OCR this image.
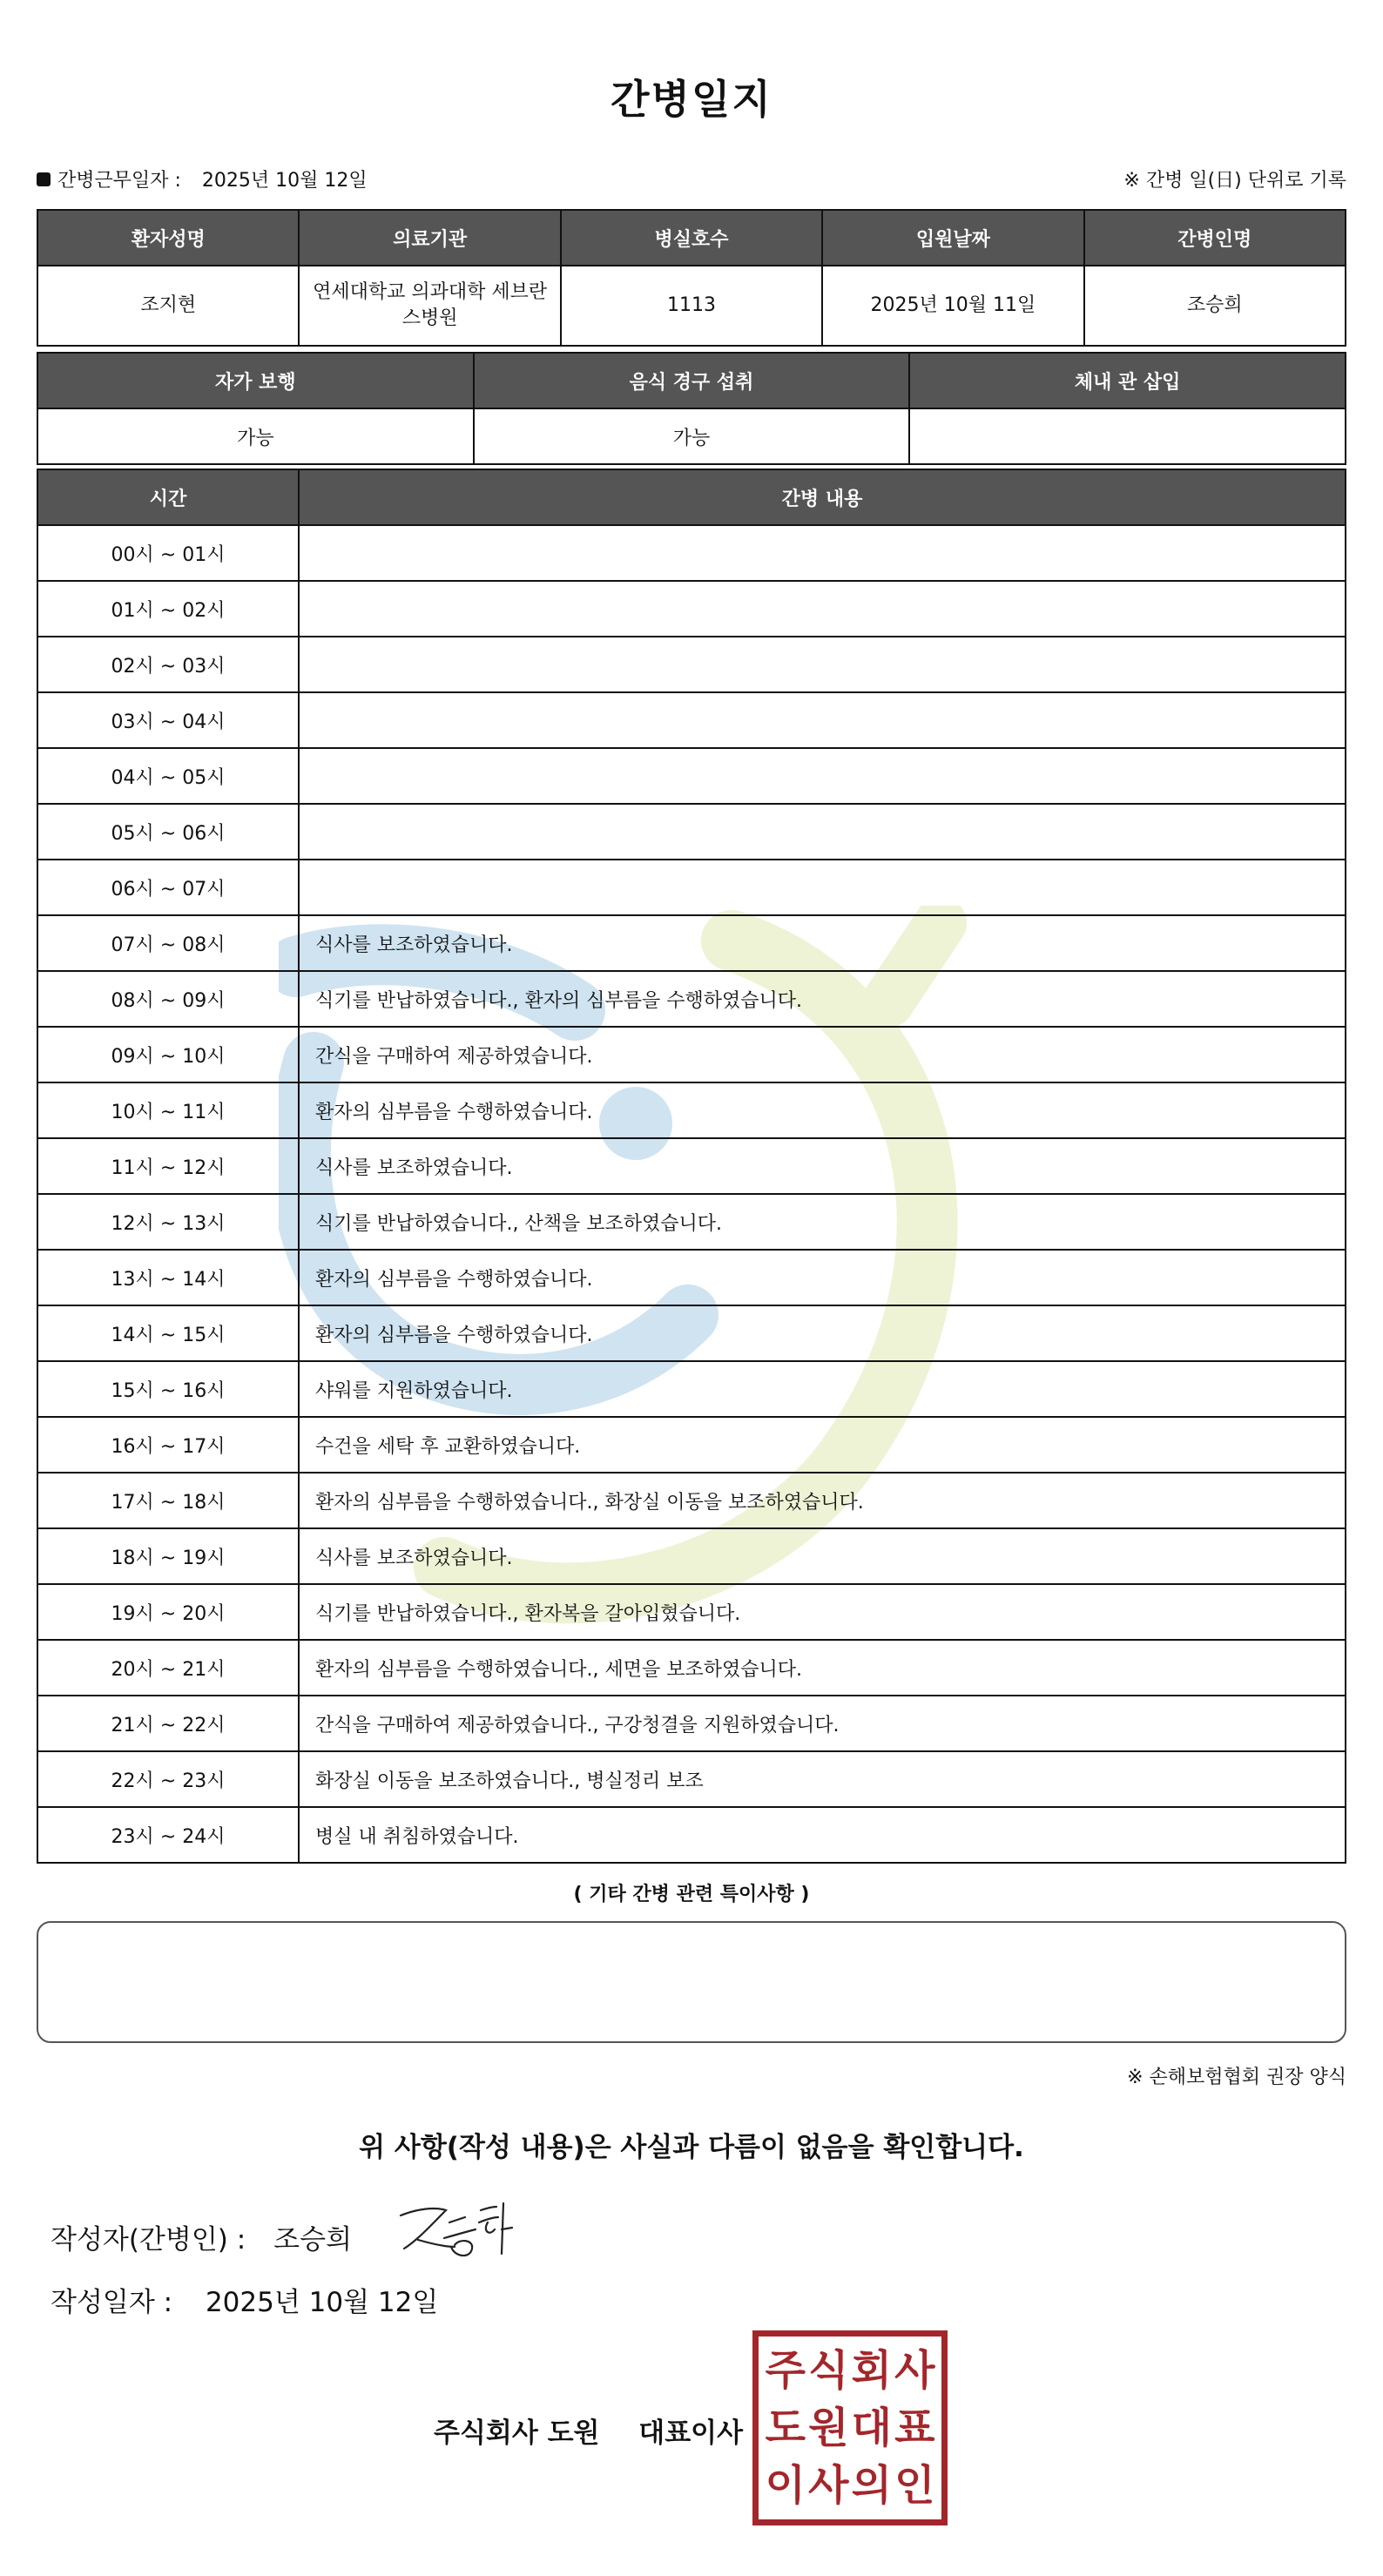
간병일지
간병근무일자 : 2025년 10월 12일	※ 간병 일(日) 단위로 기록
환자성명	의료기관	병실호수	입원날짜	간병인명
조지현	연세대학교 의과대학 세브란스병원	1113	2025년 10월 11일	조승희
자가 보행	음식 경구 섭취	체내 관 삽입
가능	가능	
시간	간병 내용
00시 ~ 01시	
01시 ~ 02시	
02시 ~ 03시	
03시 ~ 04시	
04시 ~ 05시	
05시 ~ 06시	
06시 ~ 07시	
07시 ~ 08시	식사를 보조하였습니다.
08시 ~ 09시	식기를 반납하였습니다., 환자의 심부름을 수행하였습니다.
09시 ~ 10시	간식을 구매하여 제공하였습니다.
10시 ~ 11시	환자의 심부름을 수행하였습니다.
11시 ~ 12시	식사를 보조하였습니다.
12시 ~ 13시	식기를 반납하였습니다., 산책을 보조하였습니다.
13시 ~ 14시	환자의 심부름을 수행하였습니다.
14시 ~ 15시	환자의 심부름을 수행하였습니다.
15시 ~ 16시	샤워를 지원하였습니다.
16시 ~ 17시	수건을 세탁 후 교환하였습니다.
17시 ~ 18시	환자의 심부름을 수행하였습니다., 화장실 이동을 보조하였습니다.
18시 ~ 19시	식사를 보조하였습니다.
19시 ~ 20시	식기를 반납하였습니다., 환자복을 갈아입혔습니다.
20시 ~ 21시	환자의 심부름을 수행하였습니다., 세면을 보조하였습니다.
21시 ~ 22시	간식을 구매하여 제공하였습니다., 구강청결을 지원하였습니다.
22시 ~ 23시	화장실 이동을 보조하였습니다., 병실정리 보조
23시 ~ 24시	병실 내 취침하였습니다.
( 기타 간병 관련 특이사항 )
※ 손해보험협회 권장 양식
위 사항(작성 내용)은 사실과 다름이 없음을 확인합니다.
작성자(간병인) : 조승희
작성일자 : 2025년 10월 12일
주식회사 도원 대표이사
주 식 회 사
도 원 대 표
이 사 의 인
